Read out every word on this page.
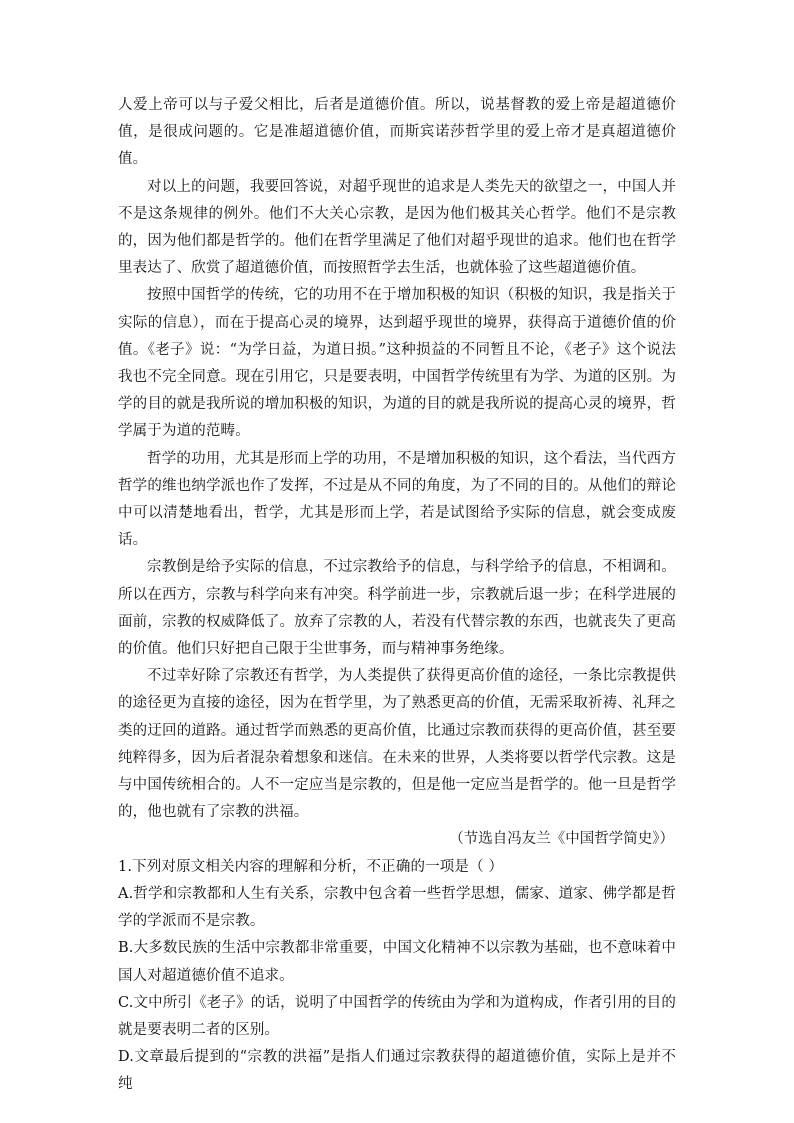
人爱上帝可以与子爱父相比，后者是道德价值。所以，说基督教的爱上帝是超道德价值，是很成问题的。它是准超道德价值，而斯宾诺莎哲学里的爱上帝才是真超道德价值。

对以上的问题，我要回答说，对超乎现世的追求是人类先天的欲望之一，中国人并不是这条规律的例外。他们不大关心宗教，是因为他们极其关心哲学。他们不是宗教的，因为他们都是哲学的。他们在哲学里满足了他们对超乎现世的追求。他们也在哲学里表达了、欣赏了超道德价值，而按照哲学去生活，也就体验了这些超道德价值。

按照中国哲学的传统，它的功用不在于增加积极的知识（积极的知识，我是指关于实际的信息），而在于提高心灵的境界，达到超乎现世的境界，获得高于道德价值的价值。《老子》说：“为学日益，为道日损。”这种损益的不同暂且不论，《老子》这个说法我也不完全同意。现在引用它，只是要表明，中国哲学传统里有为学、为道的区别。为学的目的就是我所说的增加积极的知识，为道的目的就是我所说的提高心灵的境界，哲学属于为道的范畴。

哲学的功用，尤其是形而上学的功用，不是增加积极的知识，这个看法，当代西方哲学的维也纳学派也作了发挥，不过是从不同的角度，为了不同的目的。从他们的辩论中可以清楚地看出，哲学，尤其是形而上学，若是试图给予实际的信息，就会变成废话。

宗教倒是给予实际的信息，不过宗教给予的信息，与科学给予的信息，不相调和。所以在西方，宗教与科学向来有冲突。科学前进一步，宗教就后退一步；在科学进展的面前，宗教的权威降低了。放弃了宗教的人，若没有代替宗教的东西，也就丧失了更高的价值。他们只好把自己限于尘世事务，而与精神事务绝缘。

不过幸好除了宗教还有哲学，为人类提供了获得更高价值的途径，一条比宗教提供的途径更为直接的途径，因为在哲学里，为了熟悉更高的价值，无需采取祈祷、礼拜之类的迂回的道路。通过哲学而熟悉的更高价值，比通过宗教而获得的更高价值，甚至要纯粹得多，因为后者混杂着想象和迷信。在未来的世界，人类将要以哲学代宗教。这是与中国传统相合的。人不一定应当是宗教的，但是他一定应当是哲学的。他一旦是哲学的，他也就有了宗教的洪福。

（节选自冯友兰《中国哲学简史》）

1.下列对原文相关内容的理解和分析，不正确的一项是（ ）

A.哲学和宗教都和人生有关系，宗教中包含着一些哲学思想，儒家、道家、佛学都是哲学的学派而不是宗教。

B.大多数民族的生活中宗教都非常重要，中国文化精神不以宗教为基础，也不意味着中国人对超道德价值不追求。

C.文中所引《老子》的话，说明了中国哲学的传统由为学和为道构成，作者引用的目的就是要表明二者的区别。

D.文章最后提到的“宗教的洪福”是指人们通过宗教获得的超道德价值，实际上是并不纯
